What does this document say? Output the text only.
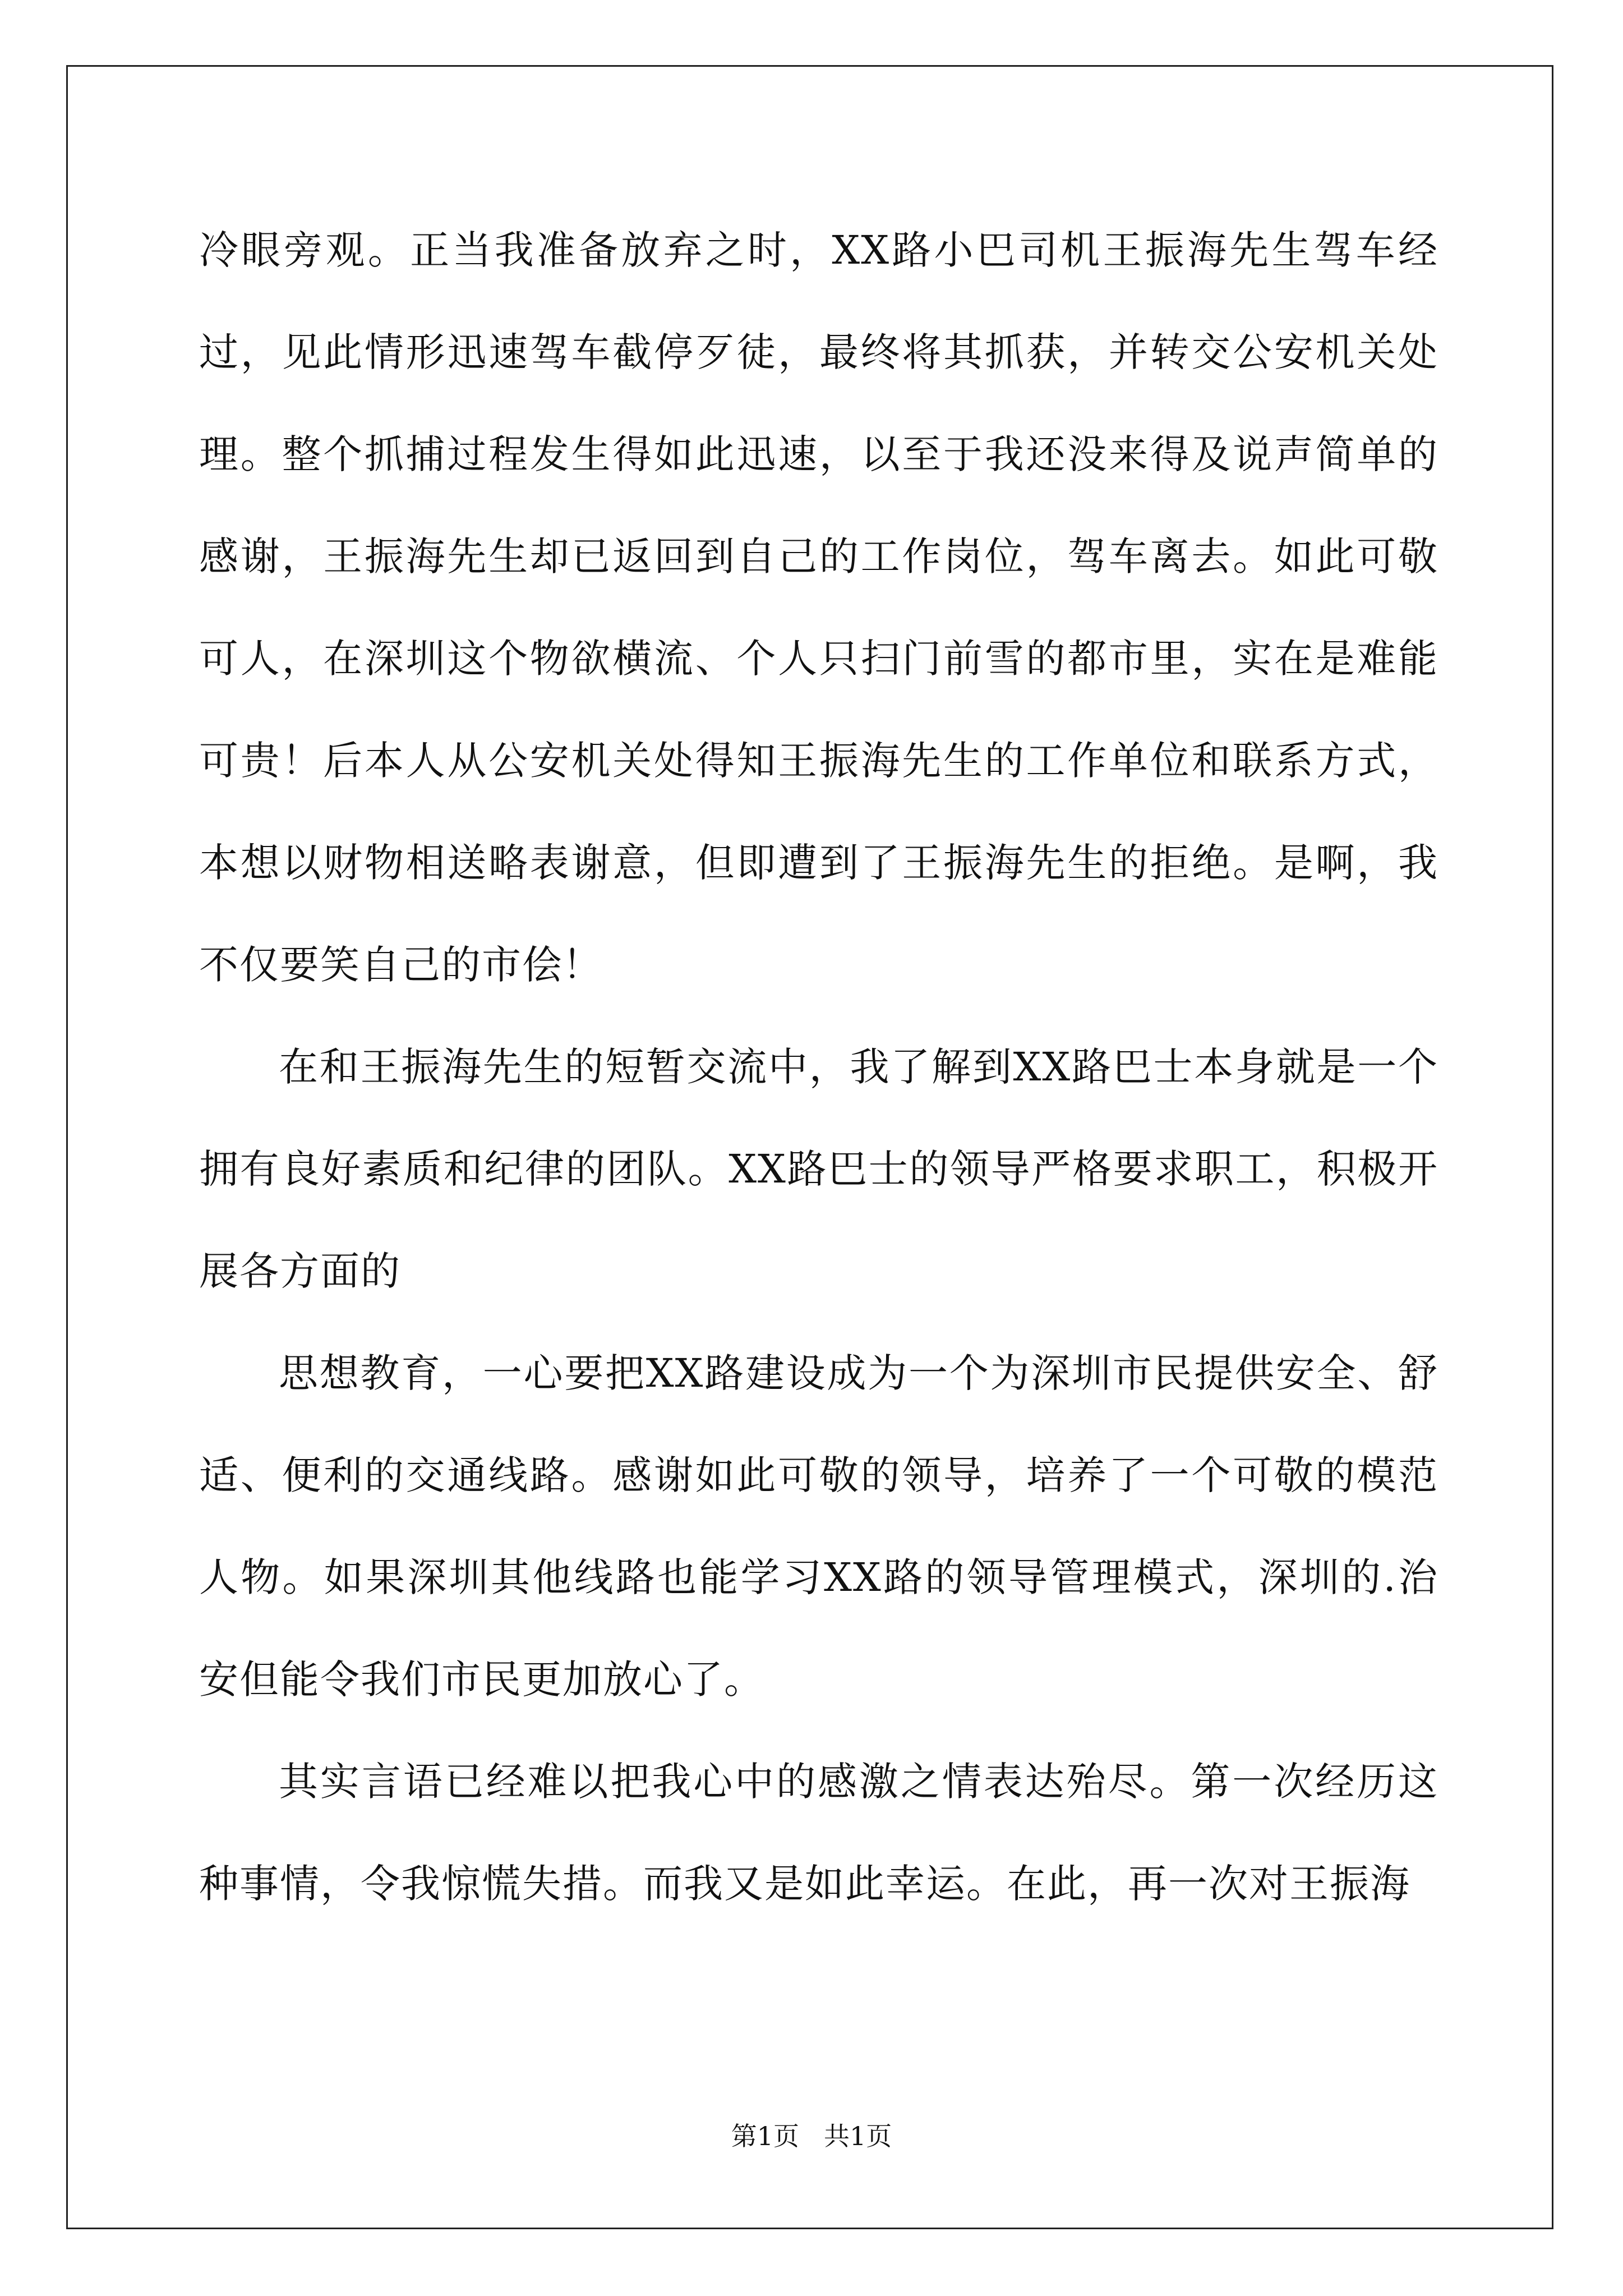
冷眼旁观。正当我准备放弃之时，XX路小巴司机王振海先生驾车经过，见此情形迅速驾车截停歹徒，最终将其抓获，并转交公安机关处理。整个抓捕过程发生得如此迅速，以至于我还没来得及说声简单的感谢，王振海先生却已返回到自己的工作岗位，驾车离去。如此可敬可人，在深圳这个物欲横流、个人只扫门前雪的都市里，实在是难能可贵！后本人从公安机关处得知王振海先生的工作单位和联系方式，本想以财物相送略表谢意，但即遭到了王振海先生的拒绝。是啊，我不仅要笑自己的市侩！

在和王振海先生的短暂交流中，我了解到XX路巴士本身就是一个拥有良好素质和纪律的团队。XX路巴士的领导严格要求职工，积极开展各方面的

思想教育，一心要把XX路建设成为一个为深圳市民提供安全、舒适、便利的交通线路。感谢如此可敬的领导，培养了一个可敬的模范人物。如果深圳其他线路也能学习XX路的领导管理模式，深圳的.治安但能令我们市民更加放心了。

其实言语已经难以把我心中的感激之情表达殆尽。第一次经历这种事情，令我惊慌失措。而我又是如此幸运。在此，再一次对王振海

第1页 共1页
